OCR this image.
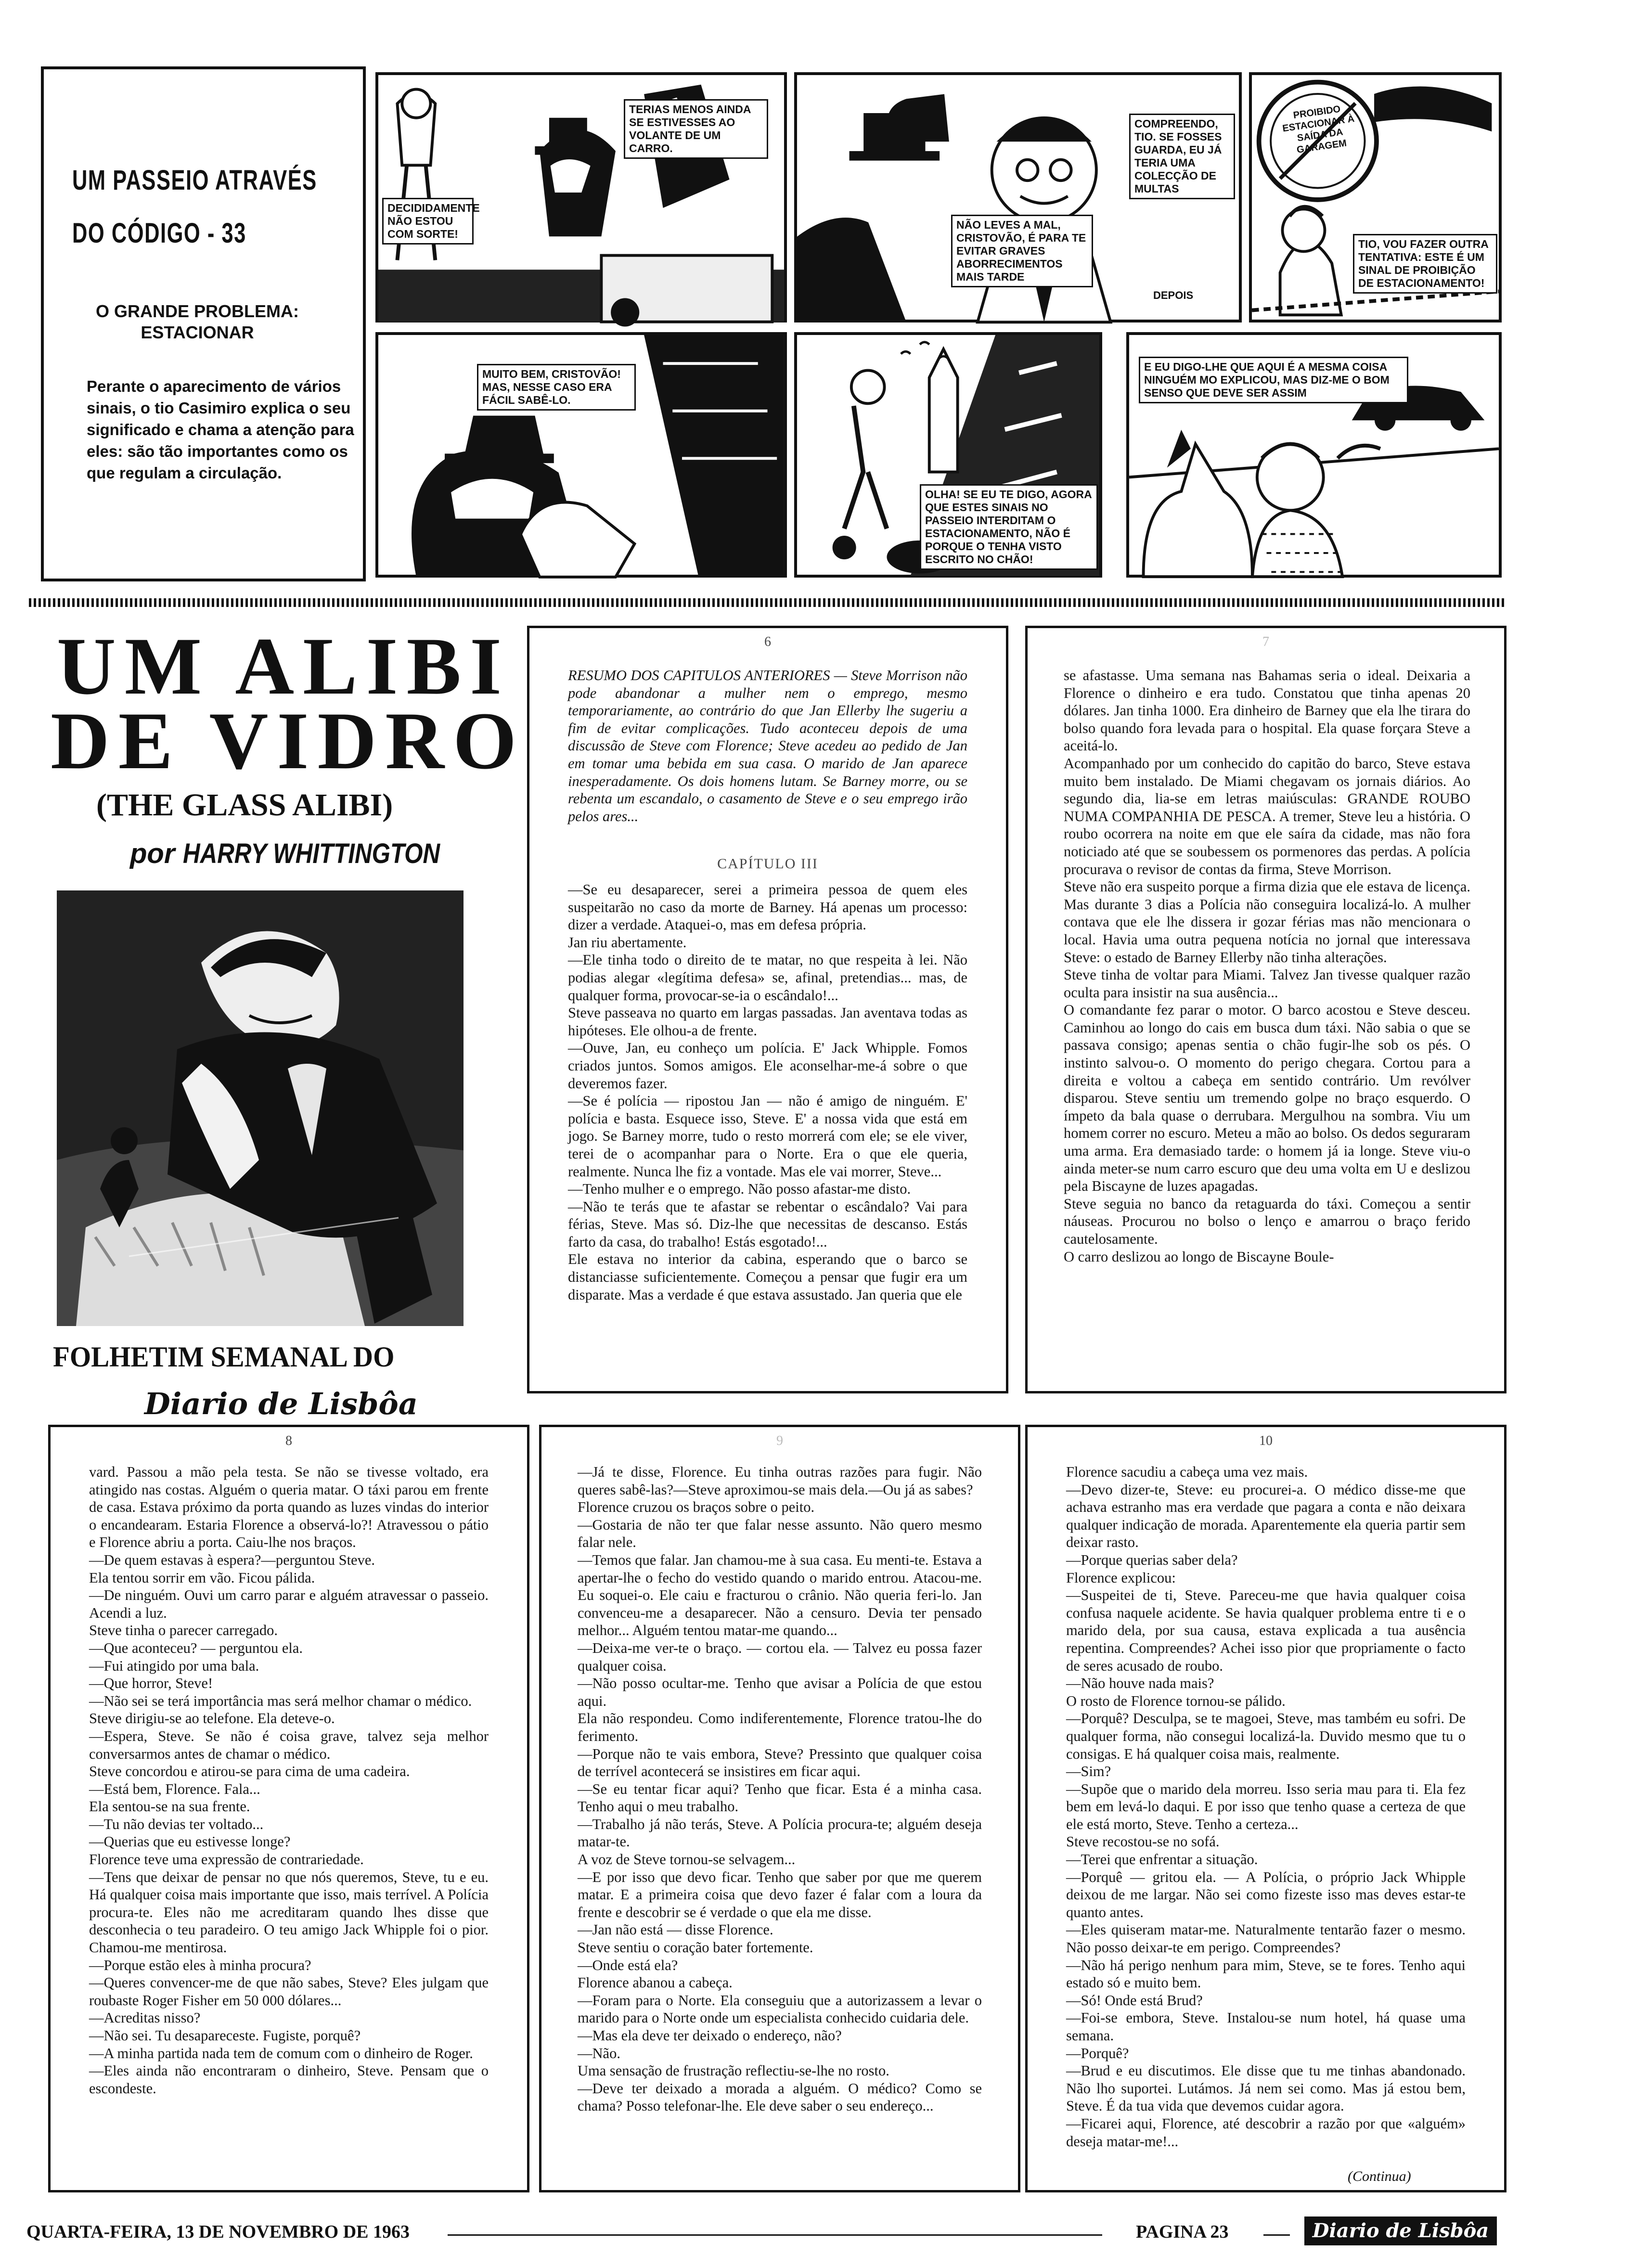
UM PASSEIO ATRAVÉS
DO CÓDIGO - 33
O GRANDE PROBLEMA: ESTACIONAR
Perante o aparecimento de vários sinais, o tio Casimiro explica o seu significado e chama a atenção para eles: são tão importantes como os que regulam a circulação.
DECIDIDAMENTE NÃO ESTOU COM SORTE!
TERIAS MENOS AINDA SE ESTIVESSES AO VOLANTE DE UM CARRO.
COMPREENDO, TIO. SE FOSSES GUARDA, EU JÁ TERIA UMA COLECÇÃO DE MULTAS
NÃO LEVES A MAL, CRISTOVÃO, É PARA TE EVITAR GRAVES ABORRECIMENTOS MAIS TARDE
DEPOIS
PROIBIDO ESTACIONAR À SAÍDA DA GARAGEM
TIO, VOU FAZER OUTRA TENTATIVA: ESTE É UM SINAL DE PROIBIÇÃO DE ESTACIONAMENTO!
MUITO BEM, CRISTOVÃO! MAS, NESSE CASO ERA FÁCIL SABÊ-LO.
OLHA! SE EU TE DIGO, AGORA QUE ESTES SINAIS NO PASSEIO INTERDITAM O ESTACIONAMENTO, NÃO É PORQUE O TENHA VISTO ESCRITO NO CHÃO!
E EU DIGO-LHE QUE AQUI É A MESMA COISA NINGUÉM MO EXPLICOU, MAS DIZ-ME O BOM SENSO QUE DEVE SER ASSIM
UM ALIBI
DE VIDRO
(THE GLASS ALIBI)
por HARRY WHITTINGTON
FOLHETIM SEMANAL DO
Diario de Lisbôa
6
RESUMO DOS CAPITULOS ANTERIORES — Steve Morrison não pode abandonar a mulher nem o emprego, mesmo temporariamente, ao contrário do que Jan Ellerby lhe sugeriu a fim de evitar complicações. Tudo aconteceu depois de uma discussão de Steve com Florence; Steve acedeu ao pedido de Jan em tomar uma bebida em sua casa. O marido de Jan aparece inesperadamente. Os dois homens lutam. Se Barney morre, ou se rebenta um escandalo, o casamento de Steve e o seu emprego irão pelos ares...
CAPÍTULO III
—Se eu desaparecer, serei a primeira pessoa de quem eles suspeitarão no caso da morte de Barney. Há apenas um processo: dizer a verdade. Ataquei-o, mas em defesa própria.
Jan riu abertamente.
—Ele tinha todo o direito de te matar, no que respeita à lei. Não podias alegar «legítima defesa» se, afinal, pretendias... mas, de qualquer forma, provocar-se-ia o escândalo!...
Steve passeava no quarto em largas passadas. Jan aventava todas as hipóteses. Ele olhou-a de frente.
—Ouve, Jan, eu conheço um polícia. E' Jack Whipple. Fomos criados juntos. Somos amigos. Ele aconselhar-me-á sobre o que deveremos fazer.
—Se é polícia — ripostou Jan — não é amigo de ninguém. E' polícia e basta. Esquece isso, Steve. E' a nossa vida que está em jogo. Se Barney morre, tudo o resto morrerá com ele; se ele viver, terei de o acompanhar para o Norte. Era o que ele queria, realmente. Nunca lhe fiz a vontade. Mas ele vai morrer, Steve...
—Tenho mulher e o emprego. Não posso afastar-me disto.
—Não te terás que te afastar se rebentar o escândalo? Vai para férias, Steve. Mas só. Diz-lhe que necessitas de descanso. Estás farto da casa, do trabalho! Estás esgotado!...
Ele estava no interior da cabina, esperando que o barco se distanciasse suficientemente. Começou a pensar que fugir era um disparate. Mas a verdade é que estava assustado. Jan queria que ele
7
se afastasse. Uma semana nas Bahamas seria o ideal. Deixaria a Florence o dinheiro e era tudo. Constatou que tinha apenas 20 dólares. Jan tinha 1000. Era dinheiro de Barney que ela lhe tirara do bolso quando fora levada para o hospital. Ela quase forçara Steve a aceitá-lo.
Acompanhado por um conhecido do capitão do barco, Steve estava muito bem instalado. De Miami chegavam os jornais diários. Ao segundo dia, lia-se em letras maiúsculas: GRANDE ROUBO NUMA COMPANHIA DE PESCA. A tremer, Steve leu a história. O roubo ocorrera na noite em que ele saíra da cidade, mas não fora noticiado até que se soubessem os pormenores das perdas. A polícia procurava o revisor de contas da firma, Steve Morrison.
Steve não era suspeito porque a firma dizia que ele estava de licença. Mas durante 3 dias a Polícia não conseguira localizá-lo. A mulher contava que ele lhe dissera ir gozar férias mas não mencionara o local. Havia uma outra pequena notícia no jornal que interessava Steve: o estado de Barney Ellerby não tinha alterações.
Steve tinha de voltar para Miami. Talvez Jan tivesse qualquer razão oculta para insistir na sua ausência...
O comandante fez parar o motor. O barco acostou e Steve desceu. Caminhou ao longo do cais em busca dum táxi. Não sabia o que se passava consigo; apenas sentia o chão fugir-lhe sob os pés. O instinto salvou-o. O momento do perigo chegara. Cortou para a direita e voltou a cabeça em sentido contrário. Um revólver disparou. Steve sentiu um tremendo golpe no braço esquerdo. O ímpeto da bala quase o derrubara. Mergulhou na sombra. Viu um homem correr no escuro. Meteu a mão ao bolso. Os dedos seguraram uma arma. Era demasiado tarde: o homem já ia longe. Steve viu-o ainda meter-se num carro escuro que deu uma volta em U e deslizou pela Biscayne de luzes apagadas.
Steve seguia no banco da retaguarda do táxi. Começou a sentir náuseas. Procurou no bolso o lenço e amarrou o braço ferido cautelosamente.
O carro deslizou ao longo de Biscayne Boule-
8
vard. Passou a mão pela testa. Se não se tivesse voltado, era atingido nas costas. Alguém o queria matar. O táxi parou em frente de casa. Estava próximo da porta quando as luzes vindas do interior o encandearam. Estaria Florence a observá-lo?! Atravessou o pátio e Florence abriu a porta. Caiu-lhe nos braços.
—De quem estavas à espera?—perguntou Steve.
Ela tentou sorrir em vão. Ficou pálida.
—De ninguém. Ouvi um carro parar e alguém atravessar o passeio. Acendi a luz.
Steve tinha o parecer carregado.
—Que aconteceu? — perguntou ela.
—Fui atingido por uma bala.
—Que horror, Steve!
—Não sei se terá importância mas será melhor chamar o médico.
Steve dirigiu-se ao telefone. Ela deteve-o.
—Espera, Steve. Se não é coisa grave, talvez seja melhor conversarmos antes de chamar o médico.
Steve concordou e atirou-se para cima de uma cadeira.
—Está bem, Florence. Fala...
Ela sentou-se na sua frente.
—Tu não devias ter voltado...
—Querias que eu estivesse longe?
Florence teve uma expressão de contrariedade.
—Tens que deixar de pensar no que nós queremos, Steve, tu e eu. Há qualquer coisa mais importante que isso, mais terrível. A Polícia procura-te. Eles não me acreditaram quando lhes disse que desconhecia o teu paradeiro. O teu amigo Jack Whipple foi o pior. Chamou-me mentirosa.
—Porque estão eles à minha procura?
—Queres convencer-me de que não sabes, Steve? Eles julgam que roubaste Roger Fisher em 50 000 dólares...
—Acreditas nisso?
—Não sei. Tu desapareceste. Fugiste, porquê?
—A minha partida nada tem de comum com o dinheiro de Roger.
—Eles ainda não encontraram o dinheiro, Steve. Pensam que o escondeste.
9
—Já te disse, Florence. Eu tinha outras razões para fugir. Não queres sabê-las?—Steve aproximou-se mais dela.—Ou já as sabes?
Florence cruzou os braços sobre o peito.
—Gostaria de não ter que falar nesse assunto. Não quero mesmo falar nele.
—Temos que falar. Jan chamou-me à sua casa. Eu menti-te. Estava a apertar-lhe o fecho do vestido quando o marido entrou. Atacou-me. Eu soquei-o. Ele caiu e fracturou o crânio. Não queria feri-lo. Jan convenceu-me a desaparecer. Não a censuro. Devia ter pensado melhor... Alguém tentou matar-me quando...
—Deixa-me ver-te o braço. — cortou ela. — Talvez eu possa fazer qualquer coisa.
—Não posso ocultar-me. Tenho que avisar a Polícia de que estou aqui.
Ela não respondeu. Como indiferentemente, Florence tratou-lhe do ferimento.
—Porque não te vais embora, Steve? Pressinto que qualquer coisa de terrível acontecerá se insistires em ficar aqui.
—Se eu tentar ficar aqui? Tenho que ficar. Esta é a minha casa. Tenho aqui o meu trabalho.
—Trabalho já não terás, Steve. A Polícia procura-te; alguém deseja matar-te.
A voz de Steve tornou-se selvagem...
—E por isso que devo ficar. Tenho que saber por que me querem matar. E a primeira coisa que devo fazer é falar com a loura da frente e descobrir se é verdade o que ela me disse.
—Jan não está — disse Florence.
Steve sentiu o coração bater fortemente.
—Onde está ela?
Florence abanou a cabeça.
—Foram para o Norte. Ela conseguiu que a autorizassem a levar o marido para o Norte onde um especialista conhecido cuidaria dele.
—Mas ela deve ter deixado o endereço, não?
—Não.
Uma sensação de frustração reflectiu-se-lhe no rosto.
—Deve ter deixado a morada a alguém. O médico? Como se chama? Posso telefonar-lhe. Ele deve saber o seu endereço...
10
Florence sacudiu a cabeça uma vez mais.
—Devo dizer-te, Steve: eu procurei-a. O médico disse-me que achava estranho mas era verdade que pagara a conta e não deixara qualquer indicação de morada. Aparentemente ela queria partir sem deixar rasto.
—Porque querias saber dela?
Florence explicou:
—Suspeitei de ti, Steve. Pareceu-me que havia qualquer coisa confusa naquele acidente. Se havia qualquer problema entre ti e o marido dela, por sua causa, estava explicada a tua ausência repentina. Compreendes? Achei isso pior que propriamente o facto de seres acusado de roubo.
—Não houve nada mais?
O rosto de Florence tornou-se pálido.
—Porquê? Desculpa, se te magoei, Steve, mas também eu sofri. De qualquer forma, não consegui localizá-la. Duvido mesmo que tu o consigas. E há qualquer coisa mais, realmente.
—Sim?
—Supõe que o marido dela morreu. Isso seria mau para ti. Ela fez bem em levá-lo daqui. E por isso que tenho quase a certeza de que ele está morto, Steve. Tenho a certeza...
Steve recostou-se no sofá.
—Terei que enfrentar a situação.
—Porquê — gritou ela. — A Polícia, o próprio Jack Whipple deixou de me largar. Não sei como fizeste isso mas deves estar-te quanto antes.
—Eles quiseram matar-me. Naturalmente tentarão fazer o mesmo. Não posso deixar-te em perigo. Compreendes?
—Não há perigo nenhum para mim, Steve, se te fores. Tenho aqui estado só e muito bem.
—Só! Onde está Brud?
—Foi-se embora, Steve. Instalou-se num hotel, há quase uma semana.
—Porquê?
—Brud e eu discutimos. Ele disse que tu me tinhas abandonado. Não lho suportei. Lutámos. Já nem sei como. Mas já estou bem, Steve. É da tua vida que devemos cuidar agora.
—Ficarei aqui, Florence, até descobrir a razão por que «alguém» deseja matar-me!...
(Continua)
QUARTA-FEIRA, 13 DE NOVEMBRO DE 1963	PAGINA 23	Diario de Lisbôa
